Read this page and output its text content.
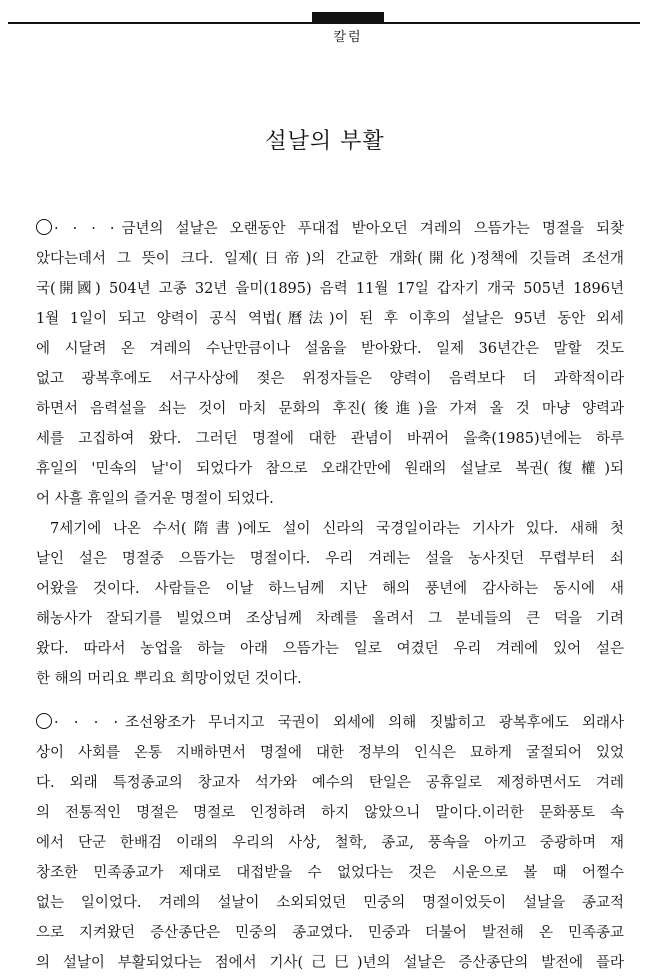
칼럼
설날의 부활
· · · · 금년의 설날은 오랜동안 푸대접 받아오던 겨레의 으뜸가는 명절을 되찾
았다는데서 그 뜻이 크다. 일제(日帝)의 간교한 개화(開化)정책에 깃들려 조선개
국(開國) 504년 고종 32년 을미(1895) 음력 11월 17일 갑자기 개국 505년 1896년
1월 1일이 되고 양력이 공식 역법(曆法)이 된 후 이후의 설날은 95년 동안 외세
에 시달려 온 겨레의 수난만큼이나 설움을 받아왔다. 일제 36년간은 말할 것도
없고 광복후에도 서구사상에 젖은 위정자들은 양력이 음력보다 더 과학적이라
하면서 음력설을 쇠는 것이 마치 문화의 후진(後進)을 가져 올 것 마냥 양력과
세를 고집하여 왔다. 그러던 명절에 대한 관념이 바뀌어 을축(1985)년에는 하루
휴일의 '민속의 날'이 되었다가 참으로 오래간만에 원래의 설날로 복권(復權)되
어 사흘 휴일의 즐거운 명절이 되었다.
7세기에 나온 수서(隋書)에도 설이 신라의 국경일이라는 기사가 있다. 새해 첫
날인 설은 명절중 으뜸가는 명절이다. 우리 겨레는 설을 농사짓던 무렵부터 쇠
어왔을 것이다. 사람들은 이날 하느님께 지난 해의 풍년에 감사하는 동시에 새
해농사가 잘되기를 빌었으며 조상님께 차례를 올려서 그 분네들의 큰 덕을 기려
왔다. 따라서 농업을 하늘 아래 으뜸가는 일로 여겼던 우리 겨레에 있어 설은
한 해의 머리요 뿌리요 희망이었던 것이다.
· · · · 조선왕조가 무너지고 국권이 외세에 의해 짓밟히고 광복후에도 외래사
상이 사회를 온통 지배하면서 명절에 대한 정부의 인식은 묘하게 굴절되어 있었
다. 외래 특정종교의 창교자 석가와 예수의 탄일은 공휴일로 제정하면서도 겨레
의 전통적인 명절은 명절로 인정하려 하지 않았으니 말이다.이러한 문화풍토 속
에서 단군 한배검 이래의 우리의 사상, 철학, 종교, 풍속을 아끼고 중광하며 재
창조한 민족종교가 제대로 대접받을 수 없었다는 것은 시운으로 볼 때 어쩔수
없는 일이었다. 겨레의 설날이 소외되었던 민중의 명절이었듯이 설날을 종교적
으로 지켜왔던 증산종단은 민중의 종교였다. 민중과 더불어 발전해 온 민족종교
의 설날이 부활되었다는 점에서 기사(己巳)년의 설날은 증산종단의 발전에 플라
